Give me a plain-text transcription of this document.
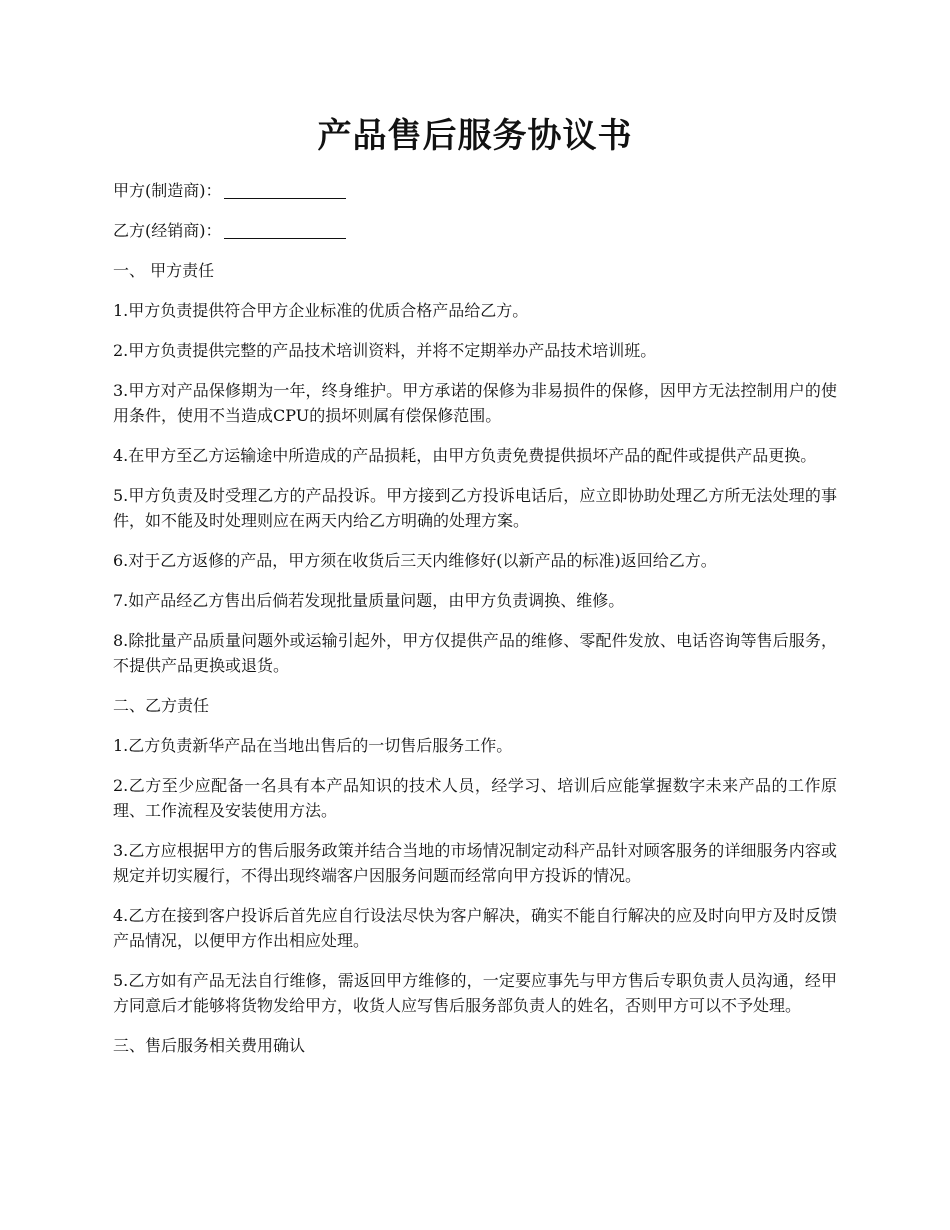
产品售后服务协议书

甲方(制造商)：

乙方(经销商)：

一、 甲方责任

1.甲方负责提供符合甲方企业标准的优质合格产品给乙方。

2.甲方负责提供完整的产品技术培训资料，并将不定期举办产品技术培训班。

3.甲方对产品保修期为一年，终身维护。甲方承诺的保修为非易损件的保修，因甲方无法控制用户的使用条件，使用不当造成CPU的损坏则属有偿保修范围。

4.在甲方至乙方运输途中所造成的产品损耗，由甲方负责免费提供损坏产品的配件或提供产品更换。

5.甲方负责及时受理乙方的产品投诉。甲方接到乙方投诉电话后，应立即协助处理乙方所无法处理的事件，如不能及时处理则应在两天内给乙方明确的处理方案。

6.对于乙方返修的产品，甲方须在收货后三天内维修好(以新产品的标准)返回给乙方。

7.如产品经乙方售出后倘若发现批量质量问题，由甲方负责调换、维修。

8.除批量产品质量问题外或运输引起外，甲方仅提供产品的维修、零配件发放、电话咨询等售后服务，不提供产品更换或退货。

二、乙方责任

1.乙方负责新华产品在当地出售后的一切售后服务工作。

2.乙方至少应配备一名具有本产品知识的技术人员，经学习、培训后应能掌握数字未来产品的工作原理、工作流程及安装使用方法。

3.乙方应根据甲方的售后服务政策并结合当地的市场情况制定动科产品针对顾客服务的详细服务内容或规定并切实履行，不得出现终端客户因服务问题而经常向甲方投诉的情况。

4.乙方在接到客户投诉后首先应自行设法尽快为客户解决，确实不能自行解决的应及时向甲方及时反馈产品情况，以便甲方作出相应处理。

5.乙方如有产品无法自行维修，需返回甲方维修的，一定要应事先与甲方售后专职负责人员沟通，经甲方同意后才能够将货物发给甲方，收货人应写售后服务部负责人的姓名，否则甲方可以不予处理。

三、售后服务相关费用确认
